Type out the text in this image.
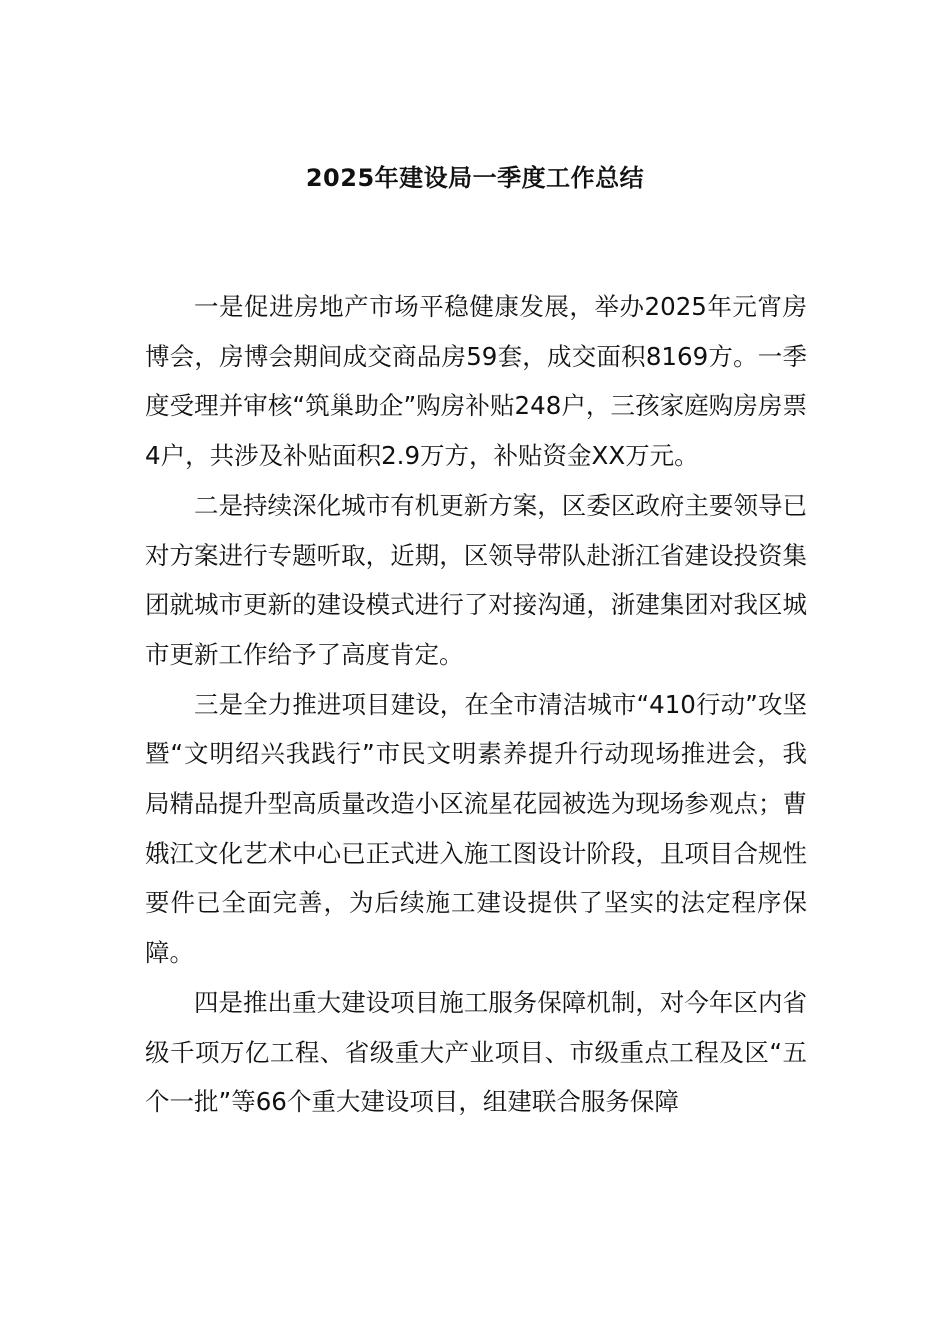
2025年建设局一季度工作总结

一是促进房地产市场平稳健康发展，举办2025年元宵房博会，房博会期间成交商品房59套，成交面积8169方。一季度受理并审核“筑巢助企”购房补贴248户，三孩家庭购房房票4户，共涉及补贴面积2.9万方，补贴资金XX万元。

二是持续深化城市有机更新方案，区委区政府主要领导已对方案进行专题听取，近期，区领导带队赴浙江省建设投资集团就城市更新的建设模式进行了对接沟通，浙建集团对我区城市更新工作给予了高度肯定。

三是全力推进项目建设，在全市清洁城市“410行动”攻坚暨“文明绍兴我践行”市民文明素养提升行动现场推进会，我局精品提升型高质量改造小区流星花园被选为现场参观点；曹娥江文化艺术中心已正式进入施工图设计阶段，且项目合规性要件已全面完善，为后续施工建设提供了坚实的法定程序保障。

四是推出重大建设项目施工服务保障机制，对今年区内省级千项万亿工程、省级重大产业项目、市级重点工程及区“五个一批”等66个重大建设项目，组建联合服务保障
